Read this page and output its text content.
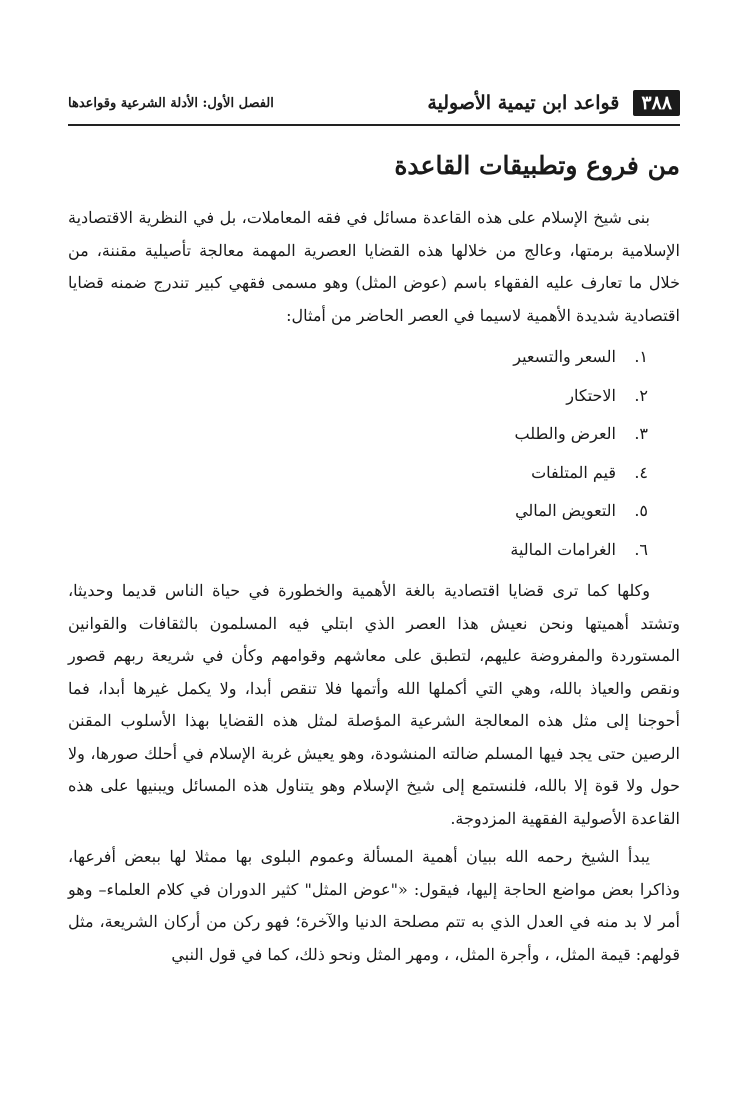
٣٨٨
قواعد ابن تيمية الأصولية
الفصل الأول: الأدلة الشرعية وقواعدها
من فروع وتطبيقات القاعدة

بنى شيخ الإسلام على هذه القاعدة مسائل في فقه المعاملات، بل في النظرية الاقتصادية الإسلامية برمتها، وعالج من خلالها هذه القضايا العصرية المهمة معالجة تأصيلية مقننة، من خلال ما تعارف عليه الفقهاء باسم (عوض المثل) وهو مسمى فقهي كبير تندرج ضمنه قضايا اقتصادية شديدة الأهمية لاسيما في العصر الحاضر من أمثال:

١.
السعر والتسعير
٢.
الاحتكار
٣.
العرض والطلب
٤.
قيم المتلفات
٥.
التعويض المالي
٦.
الغرامات المالية

وكلها كما ترى قضايا اقتصادية بالغة الأهمية والخطورة في حياة الناس قديما وحديثا، وتشتد أهميتها ونحن نعيش هذا العصر الذي ابتلي فيه المسلمون بالثقافات والقوانين المستوردة والمفروضة عليهم، لتطبق على معاشهم وقوامهم وكأن في شريعة ربهم قصور ونقص والعياذ بالله، وهي التي أكملها الله وأتمها فلا تنقص أبدا، ولا يكمل غيرها أبدا، فما أحوجنا إلى مثل هذه المعالجة الشرعية المؤصلة لمثل هذه القضايا بهذا الأسلوب المقنن الرصين حتى يجد فيها المسلم ضالته المنشودة، وهو يعيش غربة الإسلام في أحلك صورها، ولا حول ولا قوة إلا بالله، فلنستمع إلى شيخ الإسلام وهو يتناول هذه المسائل ويبنيها على هذه القاعدة الأصولية الفقهية المزدوجة.

يبدأ الشيخ رحمه الله ببيان أهمية المسألة وعموم البلوى بها ممثلا لها ببعض أفرعها، وذاكرا بعض مواضع الحاجة إليها، فيقول: «"عوض المثل" كثير الدوران في كلام العلماء– وهو أمر لا بد منه في العدل الذي به تتم مصلحة الدنيا والآخرة؛ فهو ركن من أركان الشريعة، مثل قولهم: قيمة المثل، ، وأجرة المثل، ، ومهر المثل ونحو ذلك، كما في قول النبي
